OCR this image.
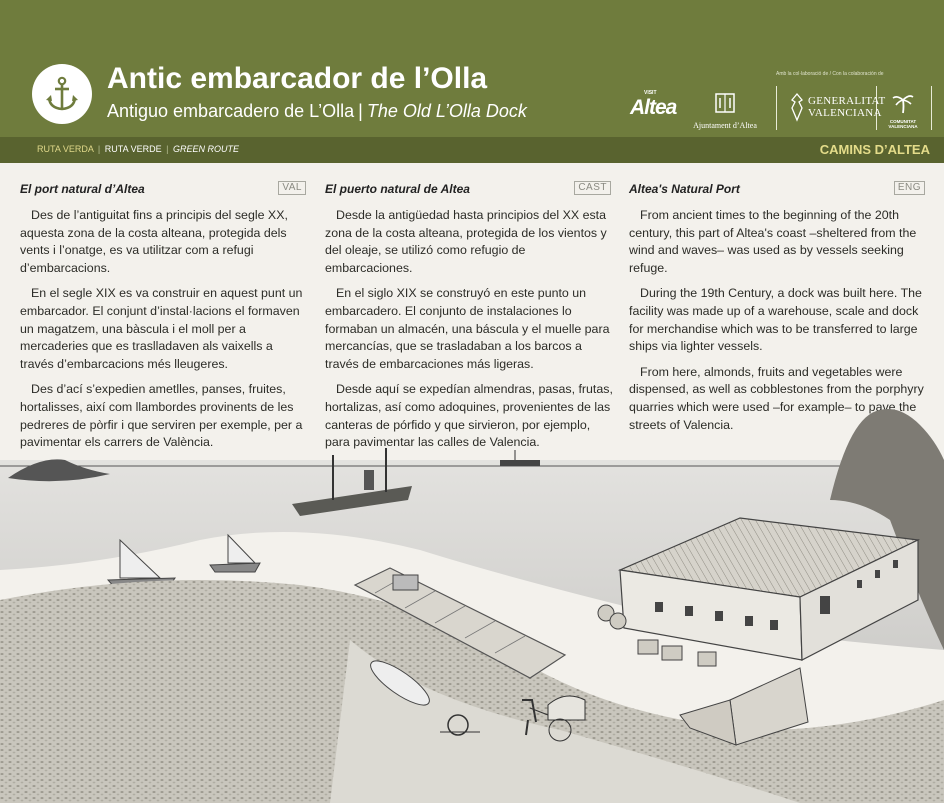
Antic embarcador de l’Olla
Antiguo embarcadero de L’Olla | The Old L’Olla Dock
Amb la col·laboració de / Con la colaboración de
VISIT
Altea
Ajuntament d’Altea
GENERALITAT
VALENCIANA
COMUNITAT
VALENCIANA
RUTA VERDA | RUTA VERDE | GREEN ROUTE	CAMINS D’ALTEA
VAL
El port natural d’Altea

Des de l’antiguitat fins a principis del segle XX, aquesta zona de la costa alteana, protegida dels vents i l’onatge, es va utilitzar com a refugi d’embarcacions.

En el segle XIX es va construir en aquest punt un embarcador. El conjunt d’instal·lacions el formaven un magatzem, una bàscula i el moll per a mercaderies que es traslladaven als vaixells a través d’embarcacions més lleugeres.

Des d’ací s’expedien ametlles, panses, fruites, hortalisses, així com llambordes provinents de les pedreres de pòrfir i que serviren per exemple, per a pavimentar els carrers de València.

CAST
El puerto natural de Altea

Desde la antigüedad hasta principios del XX esta zona de la costa alteana, protegida de los vientos y del oleaje, se utilizó como refugio de embarcaciones.

En el siglo XIX se construyó en este punto un embarcadero. El conjunto de instalaciones lo formaban un almacén, una báscula y el muelle para mercancías, que se trasladaban a los barcos a través de embarcaciones más ligeras.

Desde aquí se expedían almendras, pasas, frutas, hortalizas, así como adoquines, provenientes de las canteras de pórfido y que sirvieron, por ejemplo, para pavimentar las calles de Valencia.

ENG
Altea's Natural Port

From ancient times to the beginning of the 20th century, this part of Altea's coast –sheltered from the wind and waves– was used as by vessels seeking refuge.

During the 19th Century, a dock was built here. The facility was made up of a warehouse, scale and dock for merchandise which was to be transferred to large ships via lighter vessels.

From here, almonds, fruits and vegetables were dispensed, as well as cobblestones from the porphyry quarries which were used –for example– to pave the streets of Valencia.
